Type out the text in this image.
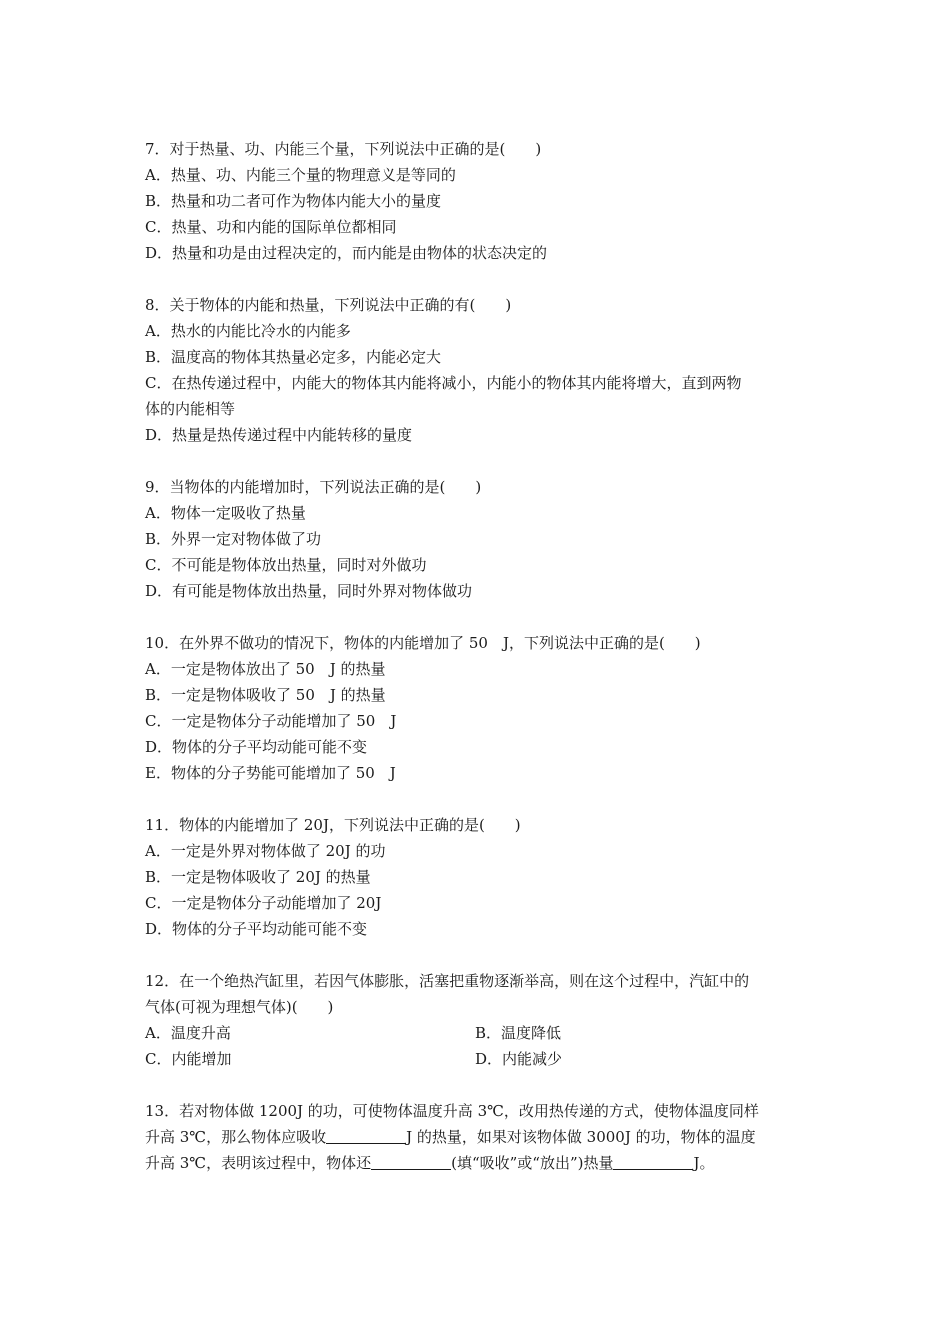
7．对于热量、功、内能三个量，下列说法中正确的是(　　)

A．热量、功、内能三个量的物理意义是等同的

B．热量和功二者可作为物体内能大小的量度

C．热量、功和内能的国际单位都相同

D．热量和功是由过程决定的，而内能是由物体的状态决定的

8．关于物体的内能和热量，下列说法中正确的有(　　)

A．热水的内能比冷水的内能多

B．温度高的物体其热量必定多，内能必定大

C．在热传递过程中，内能大的物体其内能将减小，内能小的物体其内能将增大，直到两物

体的内能相等

D．热量是热传递过程中内能转移的量度

9．当物体的内能增加时，下列说法正确的是(　　)

A．物体一定吸收了热量

B．外界一定对物体做了功

C．不可能是物体放出热量，同时对外做功

D．有可能是物体放出热量，同时外界对物体做功

10．在外界不做功的情况下，物体的内能增加了 50　J，下列说法中正确的是(　　)

A．一定是物体放出了 50　J 的热量

B．一定是物体吸收了 50　J 的热量

C．一定是物体分子动能增加了 50　J

D．物体的分子平均动能可能不变

E．物体的分子势能可能增加了 50　J

11．物体的内能增加了 20J，下列说法中正确的是(　　)

A．一定是外界对物体做了 20J 的功

B．一定是物体吸收了 20J 的热量

C．一定是物体分子动能增加了 20J

D．物体的分子平均动能可能不变

12．在一个绝热汽缸里，若因气体膨胀，活塞把重物逐渐举高，则在这个过程中，汽缸中的

气体(可视为理想气体)(　　)

A．温度升高	B．温度降低

C．内能增加	D．内能减少

13．若对物体做 1200J 的功，可使物体温度升高 3℃，改用热传递的方式，使物体温度同样

升高 3℃，那么物体应吸收	J 的热量，如果对该物体做 3000J 的功，物体的温度

升高 3℃，表明该过程中，物体还	(填“吸收”或“放出”)热量	J。
